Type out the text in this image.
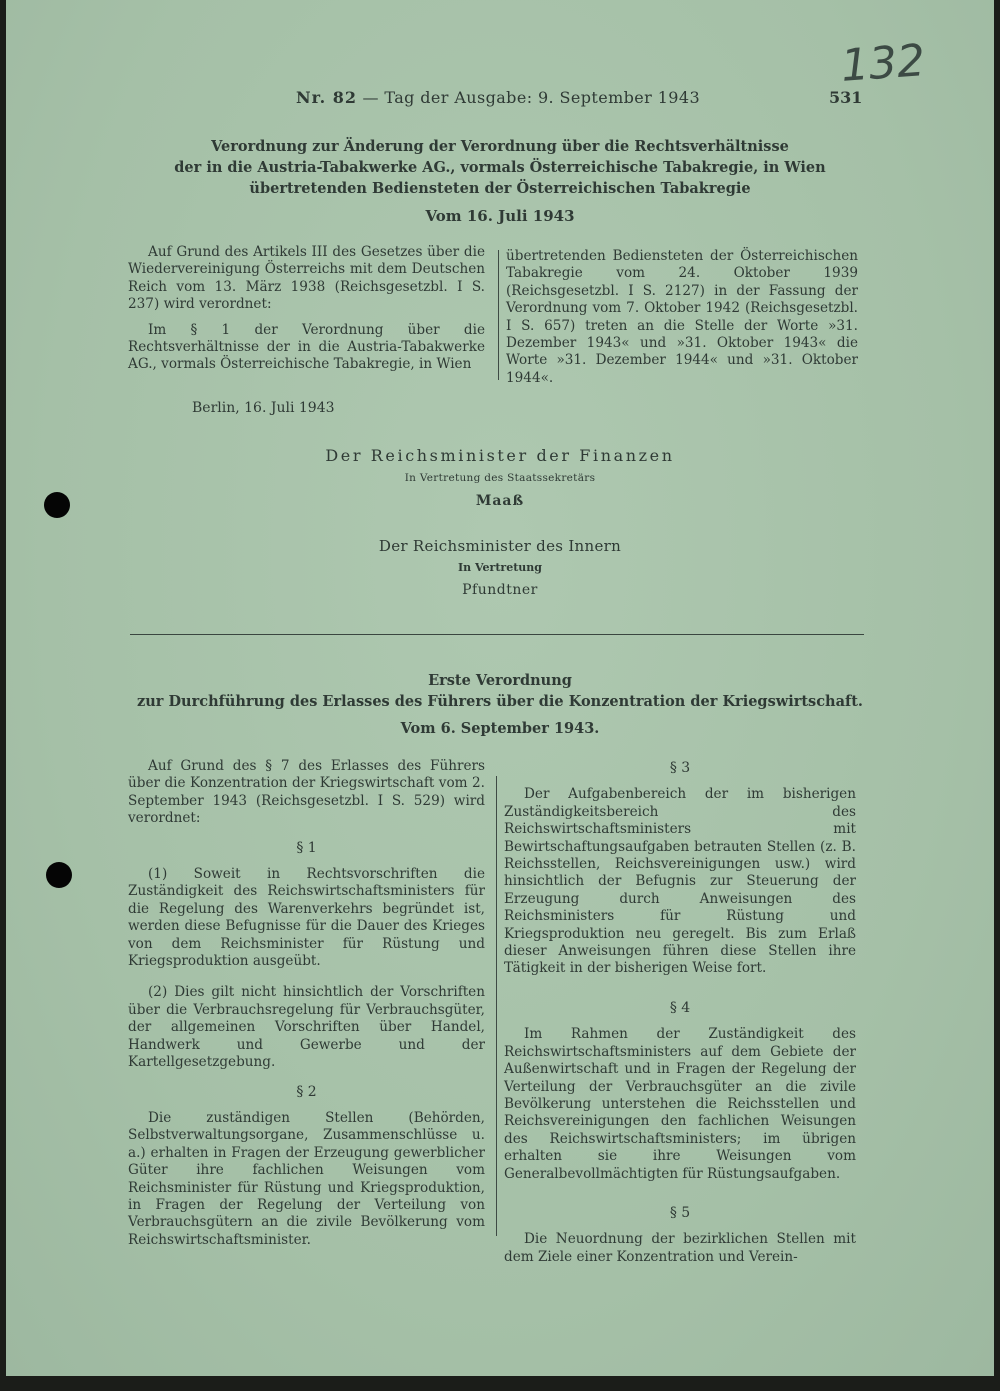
132
Nr. 82 — Tag der Ausgabe: 9. September 1943	531
Verordnung zur Änderung der Verordnung über die Rechtsverhältnisse
der in die Austria-Tabakwerke AG., vormals Österreichische Tabakregie, in Wien
übertretenden Bediensteten der Österreichischen Tabakregie
Vom 16. Juli 1943

Auf Grund des Artikels III des Gesetzes über die Wiedervereinigung Österreichs mit dem Deutschen Reich vom 13. März 1938 (Reichsgesetzbl. I S. 237) wird verordnet:

Im § 1 der Verordnung über die Rechtsverhältnisse der in die Austria-Tabakwerke AG., vormals Österreichische Tabakregie, in Wien

übertretenden Bediensteten der Österreichischen Tabakregie vom 24. Oktober 1939 (Reichsgesetzbl. I S. 2127) in der Fassung der Verordnung vom 7. Oktober 1942 (Reichsgesetzbl. I S. 657) treten an die Stelle der Worte »31. Dezember 1943« und »31. Oktober 1943« die Worte »31. Dezember 1944« und »31. Oktober 1944«.

Berlin, 16. Juli 1943
Der Reichsminister der Finanzen
In Vertretung des Staatssekretärs
Maaß
Der Reichsminister des Innern
In Vertretung
Pfundtner
Erste Verordnung
zur Durchführung des Erlasses des Führers über die Konzentration der Kriegswirtschaft.
Vom 6. September 1943.

Auf Grund des § 7 des Erlasses des Führers über die Konzentration der Kriegswirtschaft vom 2. September 1943 (Reichsgesetzbl. I S. 529) wird verordnet:

§ 1

(1) Soweit in Rechtsvorschriften die Zuständigkeit des Reichswirtschaftsministers für die Regelung des Warenverkehrs begründet ist, werden diese Befugnisse für die Dauer des Krieges von dem Reichsminister für Rüstung und Kriegsproduktion ausgeübt.

(2) Dies gilt nicht hinsichtlich der Vorschriften über die Verbrauchsregelung für Verbrauchsgüter, der allgemeinen Vorschriften über Handel, Handwerk und Gewerbe und der Kartellgesetzgebung.

§ 2

Die zuständigen Stellen (Behörden, Selbstverwaltungsorgane, Zusammenschlüsse u. a.) erhalten in Fragen der Erzeugung gewerblicher Güter ihre fachlichen Weisungen vom Reichsminister für Rüstung und Kriegsproduktion, in Fragen der Regelung der Verteilung von Verbrauchsgütern an die zivile Bevölkerung vom Reichswirtschaftsminister.

§ 3

Der Aufgabenbereich der im bisherigen Zuständigkeitsbereich des Reichswirtschaftsministers mit Bewirtschaftungsaufgaben betrauten Stellen (z. B. Reichsstellen, Reichsvereinigungen usw.) wird hinsichtlich der Befugnis zur Steuerung der Erzeugung durch Anweisungen des Reichsministers für Rüstung und Kriegsproduktion neu geregelt. Bis zum Erlaß dieser Anweisungen führen diese Stellen ihre Tätigkeit in der bisherigen Weise fort.

§ 4

Im Rahmen der Zuständigkeit des Reichswirtschaftsministers auf dem Gebiete der Außenwirtschaft und in Fragen der Regelung der Verteilung der Verbrauchsgüter an die zivile Bevölkerung unterstehen die Reichsstellen und Reichsvereinigungen den fachlichen Weisungen des Reichswirtschaftsministers; im übrigen erhalten sie ihre Weisungen vom Generalbevollmächtigten für Rüstungsaufgaben.

§ 5

Die Neuordnung der bezirklichen Stellen mit dem Ziele einer Konzentration und Verein-
